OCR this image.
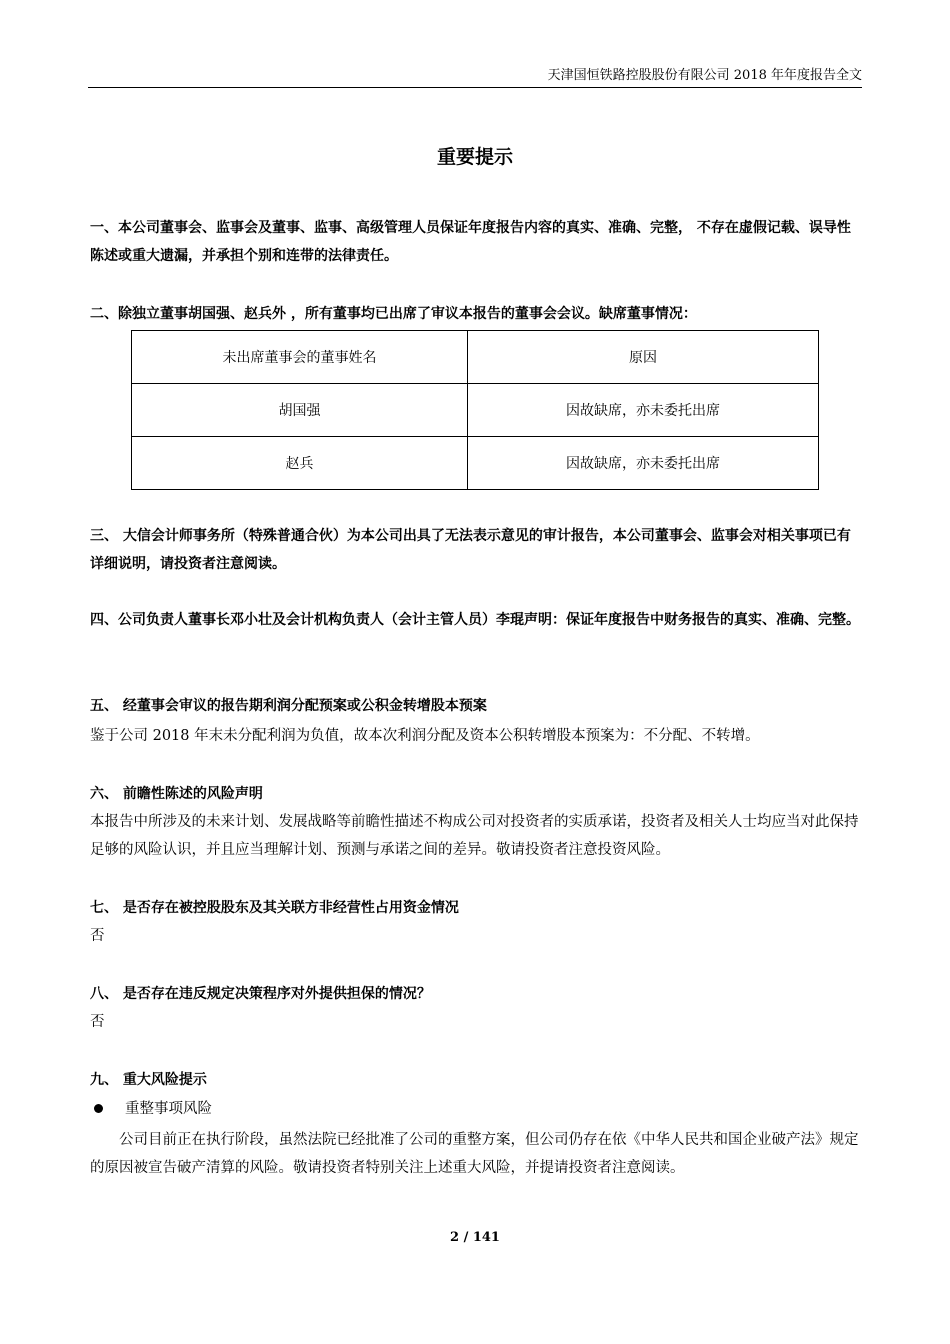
天津国恒铁路控股股份有限公司 2018 年年度报告全文
重要提示
一、本公司董事会、监事会及董事、监事、高级管理人员保证年度报告内容的真实、准确、完整， 不存在虚假记载、误导性陈述或重大遗漏，并承担个别和连带的法律责任。
二、除独立董事胡国强、赵兵外 ，所有董事均已出席了审议本报告的董事会会议。缺席董事情况：
未出席董事会的董事姓名	原因
胡国强	因故缺席，亦未委托出席
赵兵	因故缺席，亦未委托出席
三、 大信会计师事务所（特殊普通合伙）为本公司出具了无法表示意见的审计报告，本公司董事会、监事会对相关事项已有详细说明，请投资者注意阅读。
四、公司负责人董事长邓小壮及会计机构负责人（会计主管人员）李琨声明：保证年度报告中财务报告的真实、准确、完整。
五、 经董事会审议的报告期利润分配预案或公积金转增股本预案
鉴于公司 2018 年末未分配利润为负值，故本次利润分配及资本公积转增股本预案为：不分配、不转增。
六、 前瞻性陈述的风险声明
本报告中所涉及的未来计划、发展战略等前瞻性描述不构成公司对投资者的实质承诺，投资者及相关人士均应当对此保持足够的风险认识，并且应当理解计划、预测与承诺之间的差异。敬请投资者注意投资风险。
七、 是否存在被控股股东及其关联方非经营性占用资金情况
否
八、 是否存在违反规定决策程序对外提供担保的情况？
否
九、 重大风险提示
重整事项风险
公司目前正在执行阶段，虽然法院已经批准了公司的重整方案，但公司仍存在依《中华人民共和国企业破产法》规定的原因被宣告破产清算的风险。敬请投资者特别关注上述重大风险，并提请投资者注意阅读。
2 / 141
